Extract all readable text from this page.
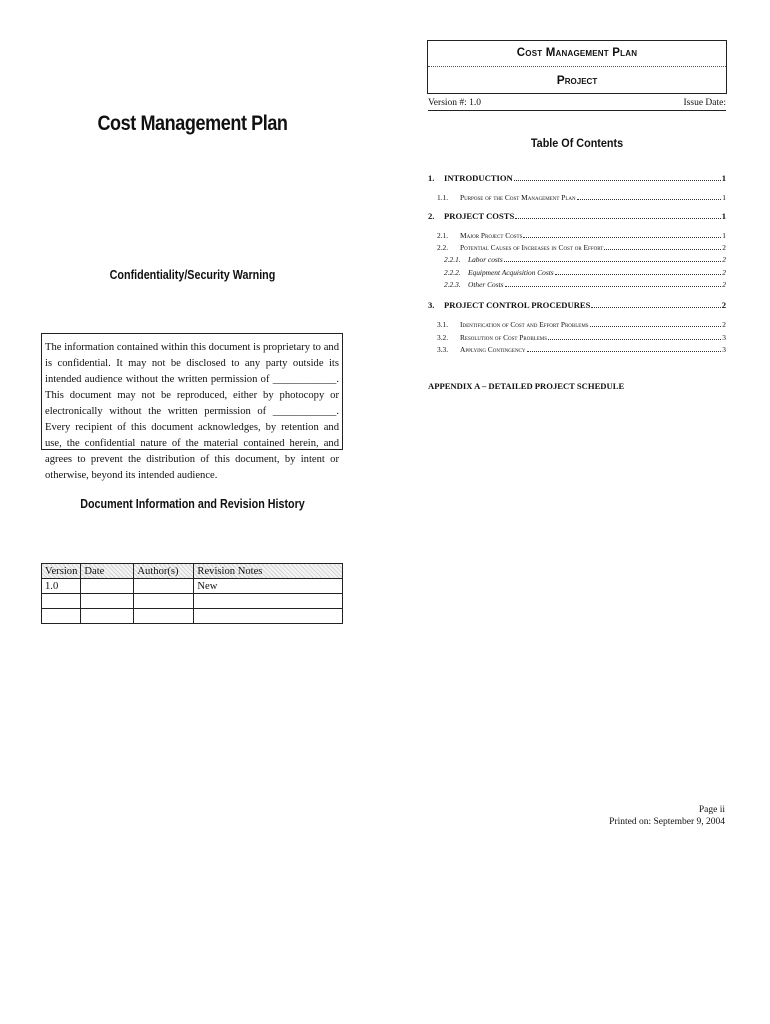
Cost Management Plan
Confidentiality/Security Warning
The information contained within this document is proprietary to and is confidential. It may not be disclosed to any party outside its intended audience without the written permission of ____________. This document may not be reproduced, either by photocopy or electronically without the written permission of ____________. Every recipient of this document acknowledges, by retention and use, the confidential nature of the material contained herein, and agrees to prevent the distribution of this document, by intent or otherwise, beyond its intended audience.
Document Information and Revision History
Version	Date	Author(s)	Revision Notes
1.0			New

Cost Management Plan
Project
Version #: 1.0	Issue Date:
Table Of Contents
1.	INTRODUCTION	1
1.1.	Purpose of the Cost Management Plan	1
2.	PROJECT COSTS	1
2.1.	Major Project Costs	1
2.2.	Potential Causes of Increases in Cost or Effort	2
2.2.1. Labor costs	2
2.2.2. Equipment Acquisition Costs	2
2.2.3. Other Costs	2
3.	PROJECT CONTROL PROCEDURES	2
3.1.	Identification of Cost and Effort Problems	2
3.2.	Resolution of Cost Problems	3
3.3.	Applying Contingency	3
APPENDIX A – DETAILED PROJECT SCHEDULE
Page ii
Printed on: September 9, 2004
